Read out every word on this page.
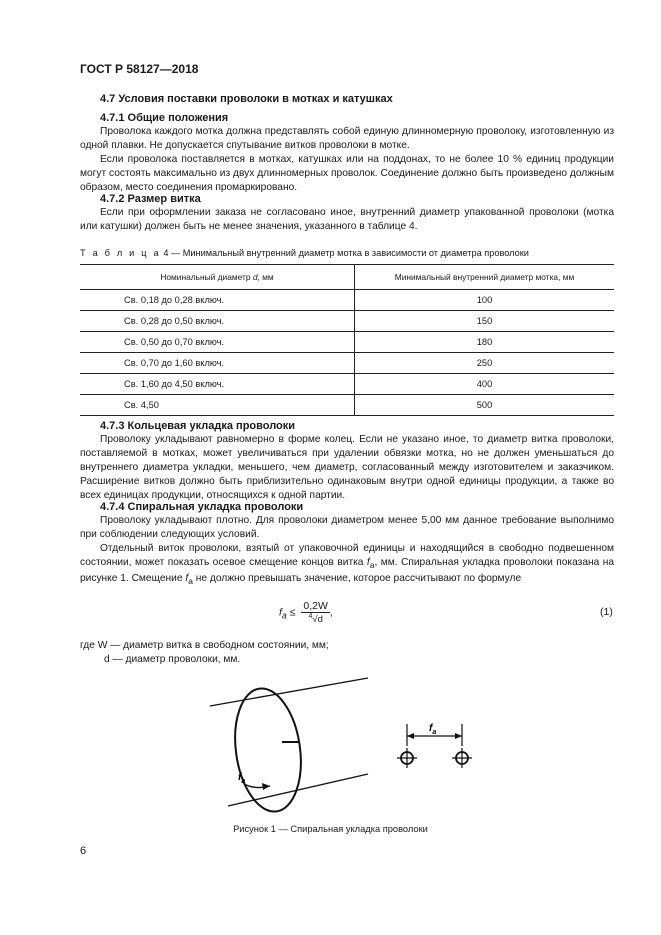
ГОСТ Р 58127—2018
4.7 Условия поставки проволоки в мотках и катушках
4.7.1 Общие положения
Проволока каждого мотка должна представлять собой единую длинномерную проволоку, изготовленную из одной плавки. Не допускается спутывание витков проволоки в мотке.
Если проволока поставляется в мотках, катушках или на поддонах, то не более 10 % единиц продукции могут состоять максимально из двух длинномерных проволок. Соединение должно быть произведено должным образом, место соединения промаркировано.
4.7.2 Размер витка
Если при оформлении заказа не согласовано иное, внутренний диаметр упакованной проволоки (мотка или катушки) должен быть не менее значения, указанного в таблице 4.
Т а б л и ц а 4 — Минимальный внутренний диаметр мотка в зависимости от диаметра проволоки
Номинальный диаметр d, мм	Минимальный внутренний диаметр мотка, мм
Св. 0,18 до 0,28 включ.	100
Св. 0,28 до 0,50 включ.	150
Св. 0,50 до 0,70 включ.	180
Св. 0,70 до 1,60 включ.	250
Св. 1,60 до 4,50 включ.	400
Св. 4,50	500
4.7.3 Кольцевая укладка проволоки
Проволоку укладывают равномерно в форме колец. Если не указано иное, то диаметр витка проволоки, поставляемой в мотках, может увеличиваться при удалении обвязки мотка, но не должен уменьшаться до внутреннего диаметра укладки, меньшего, чем диаметр, согласованный между изготовителем и заказчиком. Расширение витков должно быть приблизительно одинаковым внутри одной единицы продукции, а также во всех единицах продукции, относящихся к одной партии.
4.7.4 Спиральная укладка проволоки
Проволоку укладывают плотно. Для проволоки диаметром менее 5,00 мм данное требование выполнимо при соблюдении следующих условий.
Отдельный виток проволоки, взятый от упаковочной единицы и находящийся в свободно подвешенном состоянии, может показать осевое смещение концов витка $f_a$, мм. Спиральная укладка проволоки показана на рисунке 1. Смещение $f_a$ не должно превышать значение, которое рассчитывают по формуле
$f_a \le \frac{0,2W}{^4√d}$ ,	(1)
где W — диаметр витка в свободном состоянии, мм;
d — диаметр проволоки, мм.
$f_a$
$f_a$
Рисунок 1 — Спиральная укладка проволоки
6
